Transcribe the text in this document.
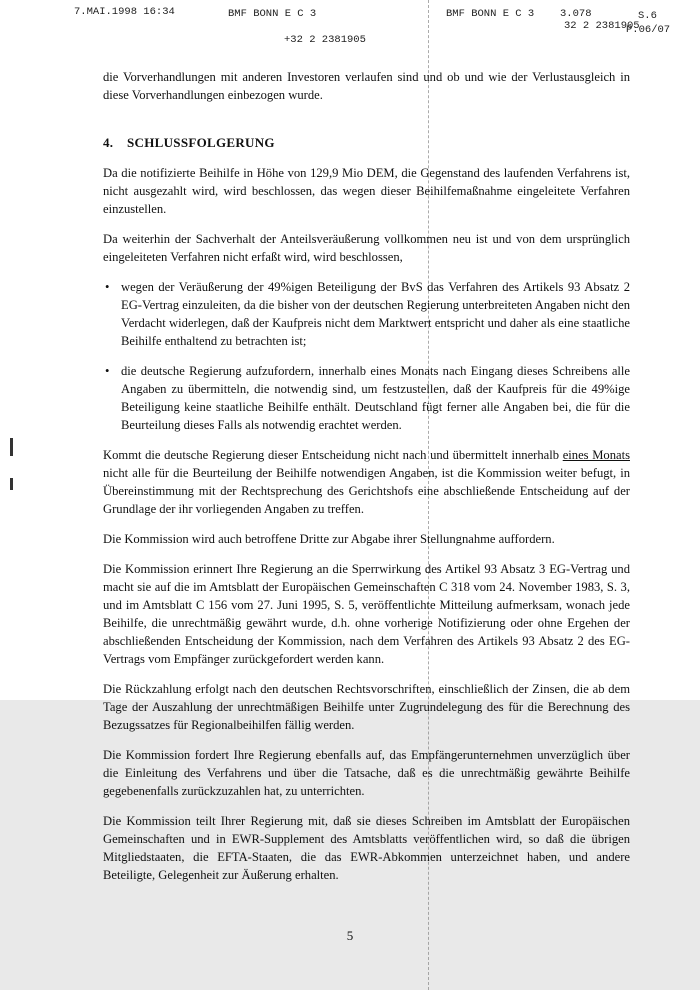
7.MAI.1998 16:34	BMF BONN E C 3
+32 2 2381905
BMF BONN E C 3
32 2 2381905
3.078	S.6
P.06/07

die Vorverhandlungen mit anderen Investoren verlaufen sind und ob und wie der Verlustausgleich in diese Vorverhandlungen einbezogen wurde.

4. SCHLUSSFOLGERUNG

Da die notifizierte Beihilfe in Höhe von 129,9 Mio DEM, die Gegenstand des laufenden Verfahrens ist, nicht ausgezahlt wird, wird beschlossen, das wegen dieser Beihilfemaßnahme eingeleitete Verfahren einzustellen.

Da weiterhin der Sachverhalt der Anteilsveräußerung vollkommen neu ist und von dem ursprünglich eingeleiteten Verfahren nicht erfaßt wird, wird beschlossen,

• wegen der Veräußerung der 49%igen Beteiligung der BvS das Verfahren des Artikels 93 Absatz 2 EG-Vertrag einzuleiten, da die bisher von der deutschen Regierung unterbreiteten Angaben nicht den Verdacht widerlegen, daß der Kaufpreis nicht dem Marktwert entspricht und daher als eine staatliche Beihilfe enthaltend zu betrachten ist;
• die deutsche Regierung aufzufordern, innerhalb eines Monats nach Eingang dieses Schreibens alle Angaben zu übermitteln, die notwendig sind, um festzustellen, daß der Kaufpreis für die 49%ige Beteiligung keine staatliche Beihilfe enthält. Deutschland fügt ferner alle Angaben bei, die für die Beurteilung dieses Falls als notwendig erachtet werden.

Kommt die deutsche Regierung dieser Entscheidung nicht nach und übermittelt innerhalb eines Monats nicht alle für die Beurteilung der Beihilfe notwendigen Angaben, ist die Kommission weiter befugt, in Übereinstimmung mit der Rechtsprechung des Gerichtshofs eine abschließende Entscheidung auf der Grundlage der ihr vorliegenden Angaben zu treffen.

Die Kommission wird auch betroffene Dritte zur Abgabe ihrer Stellungnahme auffordern.

Die Kommission erinnert Ihre Regierung an die Sperrwirkung des Artikel 93 Absatz 3 EG-Vertrag und macht sie auf die im Amtsblatt der Europäischen Gemeinschaften C 318 vom 24. November 1983, S. 3, und im Amtsblatt C 156 vom 27. Juni 1995, S. 5, veröffentlichte Mitteilung aufmerksam, wonach jede Beihilfe, die unrechtmäßig gewährt wurde, d.h. ohne vorherige Notifizierung oder ohne Ergehen der abschließenden Entscheidung der Kommission, nach dem Verfahren des Artikels 93 Absatz 2 des EG-Vertrags vom Empfänger zurückgefordert werden kann.

Die Rückzahlung erfolgt nach den deutschen Rechtsvorschriften, einschließlich der Zinsen, die ab dem Tage der Auszahlung der unrechtmäßigen Beihilfe unter Zugrundelegung des für die Berechnung des Bezugssatzes für Regionalbeihilfen fällig werden.

Die Kommission fordert Ihre Regierung ebenfalls auf, das Empfängerunternehmen unverzüglich über die Einleitung des Verfahrens und über die Tatsache, daß es die unrechtmäßig gewährte Beihilfe gegebenenfalls zurückzuzahlen hat, zu unterrichten.

Die Kommission teilt Ihrer Regierung mit, daß sie dieses Schreiben im Amtsblatt der Europäischen Gemeinschaften und in EWR-Supplement des Amtsblatts veröffentlichen wird, so daß die übrigen Mitgliedstaaten, die EFTA-Staaten, die das EWR-Abkommen unterzeichnet haben, und andere Beteiligte, Gelegenheit zur Äußerung erhalten.

5
